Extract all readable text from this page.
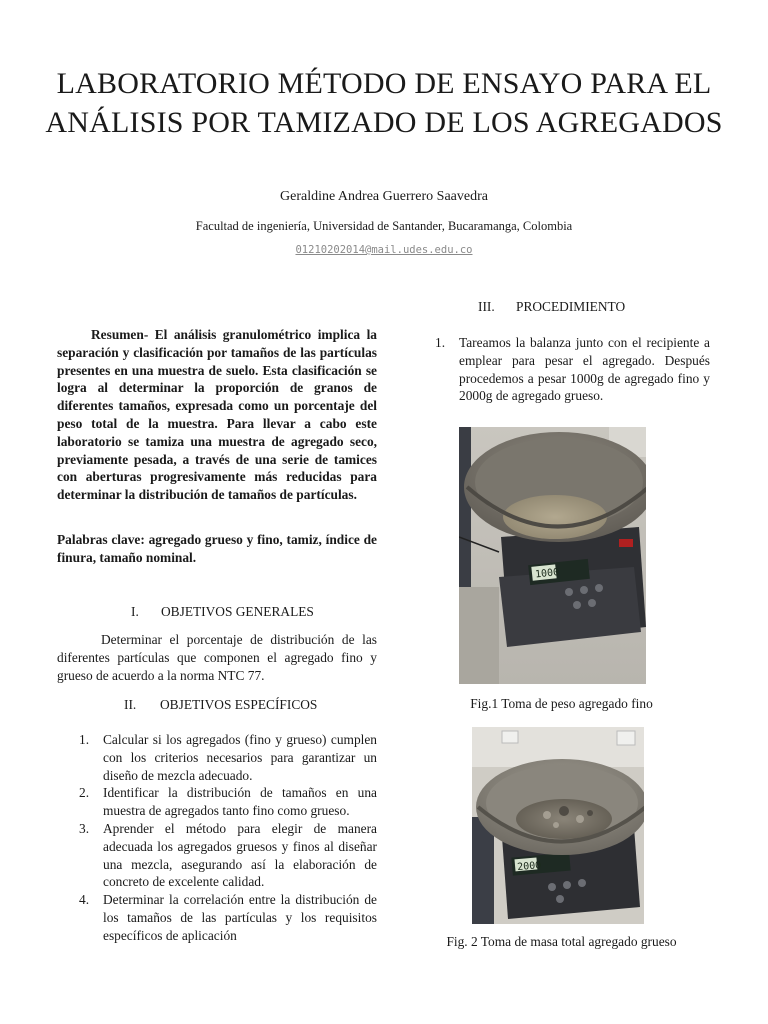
LABORATORIO MÉTODO DE ENSAYO PARA EL ANÁLISIS POR TAMIZADO DE LOS AGREGADOS
Geraldine Andrea Guerrero Saavedra
Facultad de ingeniería, Universidad de Santander, Bucaramanga, Colombia
01210202014@mail.udes.edu.co

Resumen- El análisis granulométrico implica la separación y clasificación por tamaños de las partículas presentes en una muestra de suelo. Esta clasificación se logra al determinar la proporción de granos de diferentes tamaños, expresada como un porcentaje del peso total de la muestra. Para llevar a cabo este laboratorio se tamiza una muestra de agregado seco, previamente pesada, a través de una serie de tamices con aberturas progresivamente más reducidas para determinar la distribución de tamaños de partículas.

Palabras clave: agregado grueso y fino, tamiz, índice de finura, tamaño nominal.

I. OBJETIVOS GENERALES

Determinar el porcentaje de distribución de las diferentes partículas que componen el agregado fino y grueso de acuerdo a la norma NTC 77.

II. OBJETIVOS ESPECÍFICOS
1. Calcular si los agregados (fino y grueso) cumplen con los criterios necesarios para garantizar un diseño de mezcla adecuado.
2. Identificar la distribución de tamaños en una muestra de agregados tanto fino como grueso.
3. Aprender el método para elegir de manera adecuada los agregados gruesos y finos al diseñar una mezcla, asegurando así la elaboración de concreto de excelente calidad.
4. Determinar la correlación entre la distribución de los tamaños de las partículas y los requisitos específicos de aplicación
III. PROCEDIMIENTO
1. Tareamos la balanza junto con el recipiente a emplear para pesar el agregado. Después procedemos a pesar 1000g de agregado fino y 2000g de agregado grueso.
1000
Fig.1 Toma de peso agregado fino
2000
Fig. 2 Toma de masa total agregado grueso
